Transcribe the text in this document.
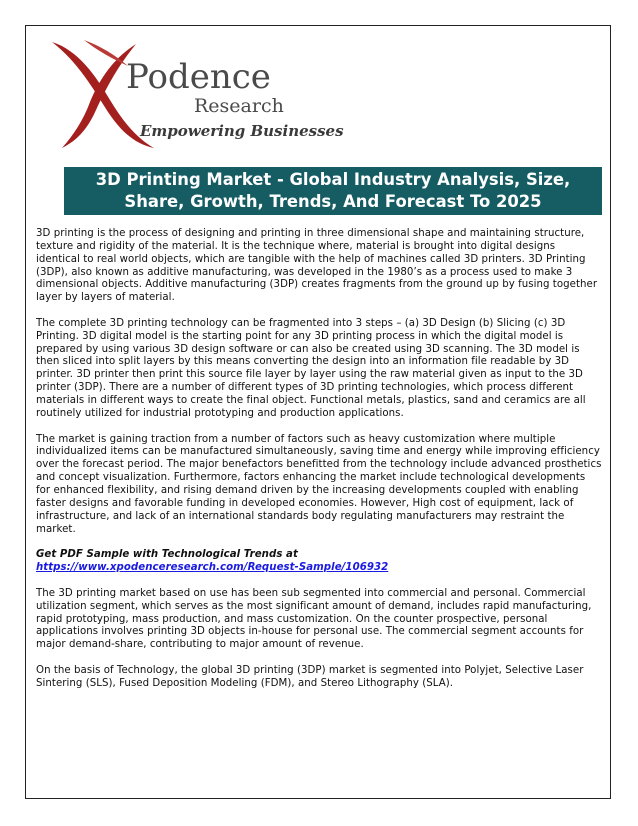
Podence
Research
Empowering Businesses
3D Printing Market - Global Industry Analysis, Size, Share, Growth, Trends, And Forecast To 2025

3D printing is the process of designing and printing in three dimensional shape and maintaining structure, texture and rigidity of the material. It is the technique where, material is brought into digital designs identical to real world objects, which are tangible with the help of machines called 3D printers. 3D Printing (3DP), also known as additive manufacturing, was developed in the 1980’s as a process used to make 3 dimensional objects. Additive manufacturing (3DP) creates fragments from the ground up by fusing together layer by layers of material.

The complete 3D printing technology can be fragmented into 3 steps – (a) 3D Design (b) Slicing (c) 3D Printing. 3D digital model is the starting point for any 3D printing process in which the digital model is prepared by using various 3D design software or can also be created using 3D scanning. The 3D model is then sliced into split layers by this means converting the design into an information file readable by 3D printer. 3D printer then print this source file layer by layer using the raw material given as input to the 3D printer (3DP). There are a number of different types of 3D printing technologies, which process different materials in different ways to create the final object. Functional metals, plastics, sand and ceramics are all routinely utilized for industrial prototyping and production applications.

The market is gaining traction from a number of factors such as heavy customization where multiple individualized items can be manufactured simultaneously, saving time and energy while improving efficiency over the forecast period. The major benefactors benefitted from the technology include advanced prosthetics and concept visualization. Furthermore, factors enhancing the market include technological developments for enhanced flexibility, and rising demand driven by the increasing developments coupled with enabling faster designs and favorable funding in developed economies. However, High cost of equipment, lack of infrastructure, and lack of an international standards body regulating manufacturers may restraint the market.

Get PDF Sample with Technological Trends at
https://www.xpodenceresearch.com/Request-Sample/106932

The 3D printing market based on use has been sub segmented into commercial and personal. Commercial utilization segment, which serves as the most significant amount of demand, includes rapid manufacturing, rapid prototyping, mass production, and mass customization. On the counter prospective, personal applications involves printing 3D objects in-house for personal use. The commercial segment accounts for major demand-share, contributing to major amount of revenue.

On the basis of Technology, the global 3D printing (3DP) market is segmented into Polyjet, Selective Laser Sintering (SLS), Fused Deposition Modeling (FDM), and Stereo Lithography (SLA).
